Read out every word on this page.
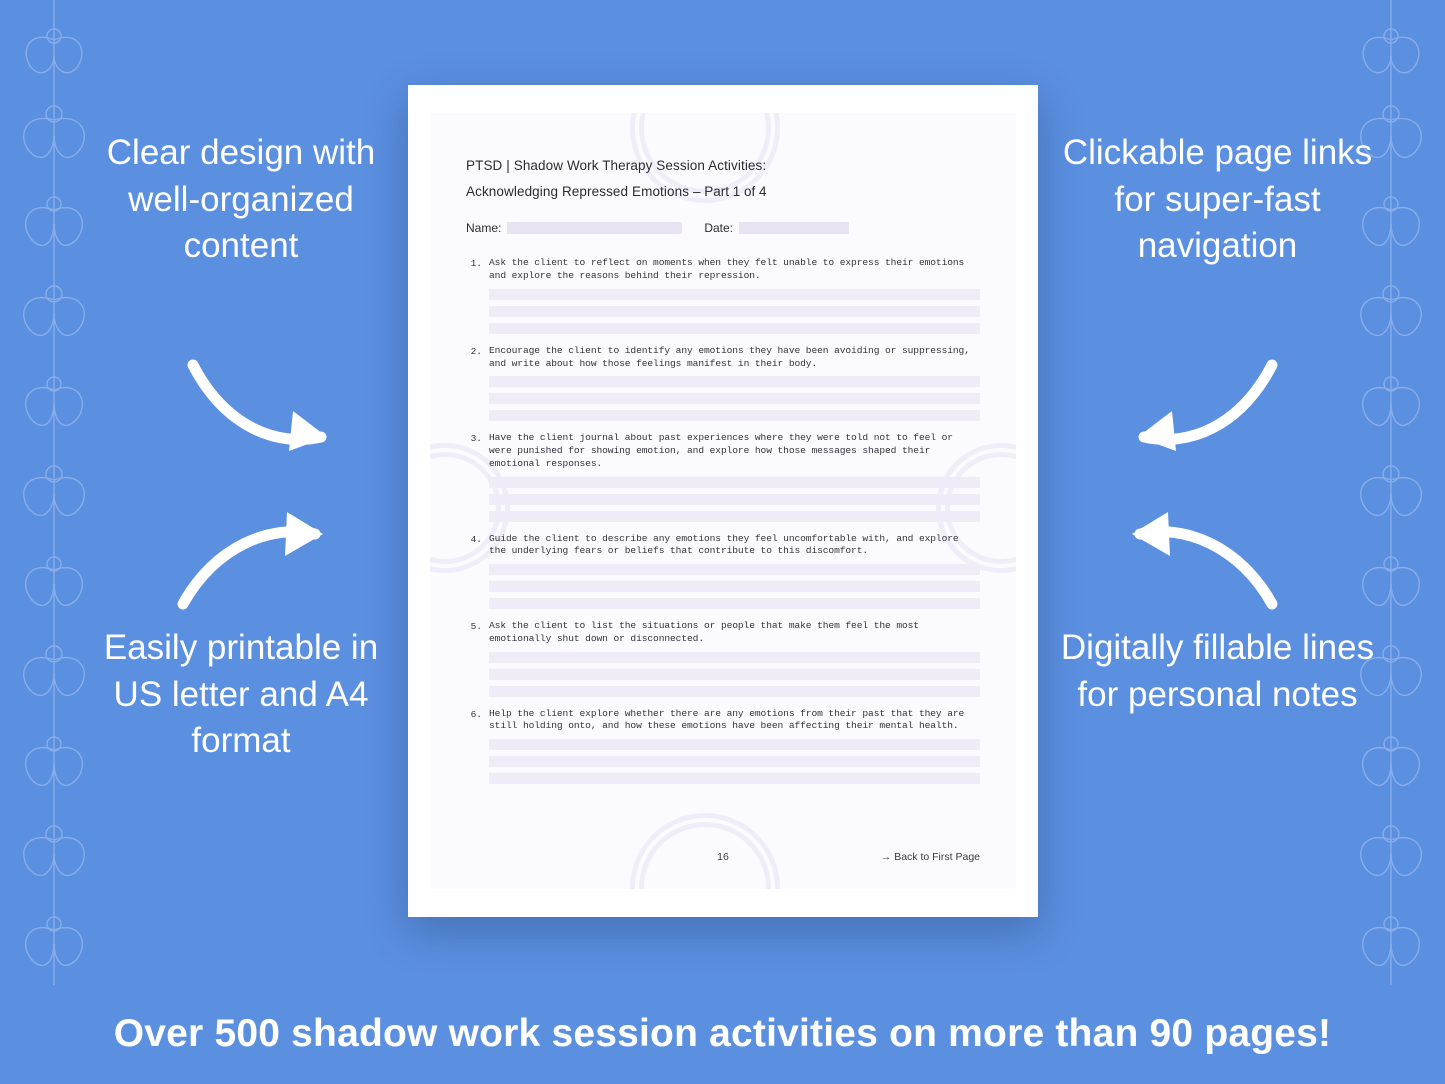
Clear design with well-organized content
Easily printable in US letter and A4 format
Clickable page links for super-fast navigation
Digitally fillable lines for personal notes
PTSD | Shadow Work Therapy Session Activities:
Acknowledging Repressed Emotions – Part 1 of 4
Name:	Date:
1. Ask the client to reflect on moments when they felt unable to express their emotions and explore the reasons behind their repression.
2. Encourage the client to identify any emotions they have been avoiding or suppressing, and write about how those feelings manifest in their body.
3. Have the client journal about past experiences where they were told not to feel or were punished for showing emotion, and explore how those messages shaped their emotional responses.
4. Guide the client to describe any emotions they feel uncomfortable with, and explore the underlying fears or beliefs that contribute to this discomfort.
5. Ask the client to list the situations or people that make them feel the most emotionally shut down or disconnected.
6. Help the client explore whether there are any emotions from their past that they are still holding onto, and how these emotions have been affecting their mental health.
16	→ Back to First Page
Over 500 shadow work session activities on more than 90 pages!
